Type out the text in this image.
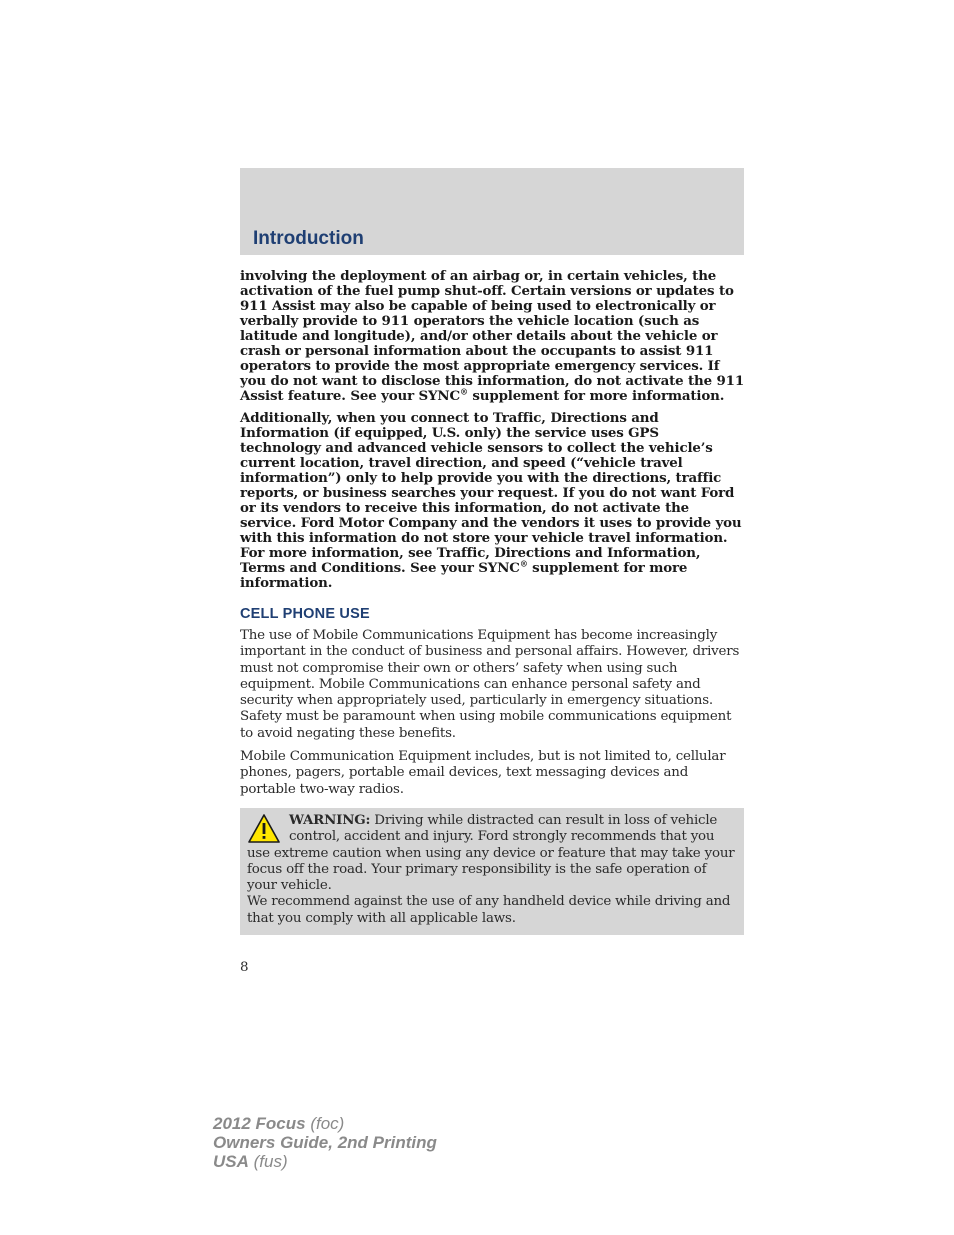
Introduction

involving the deployment of an airbag or, in certain vehicles, the activation of the fuel pump shut-off. Certain versions or updates to 911 Assist may also be capable of being used to electronically or verbally provide to 911 operators the vehicle location (such as latitude and longitude), and/or other details about the vehicle or crash or personal information about the occupants to assist 911 operators to provide the most appropriate emergency services. If you do not want to disclose this information, do not activate the 911 Assist feature. See your SYNC® supplement for more information.

Additionally, when you connect to Traffic, Directions and Information (if equipped, U.S. only) the service uses GPS technology and advanced vehicle sensors to collect the vehicle’s current location, travel direction, and speed (“vehicle travel information”) only to help provide you with the directions, traffic reports, or business searches your request. If you do not want Ford or its vendors to receive this information, do not activate the service. Ford Motor Company and the vendors it uses to provide you with this information do not store your vehicle travel information. For more information, see Traffic, Directions and Information, Terms and Conditions. See your SYNC® supplement for more information.

CELL PHONE USE

The use of Mobile Communications Equipment has become increasingly important in the conduct of business and personal affairs. However, drivers must not compromise their own or others’ safety when using such equipment. Mobile Communications can enhance personal safety and security when appropriately used, particularly in emergency situations. Safety must be paramount when using mobile communications equipment to avoid negating these benefits.

Mobile Communication Equipment includes, but is not limited to, cellular phones, pagers, portable email devices, text messaging devices and portable two-way radios.

WARNING: Driving while distracted can result in loss of vehicle control, accident and injury. Ford strongly recommends that you use extreme caution when using any device or feature that may take your focus off the road. Your primary responsibility is the safe operation of your vehicle.

We recommend against the use of any handheld device while driving and that you comply with all applicable laws.

8
2012 Focus (foc)
Owners Guide, 2nd Printing
USA (fus)
